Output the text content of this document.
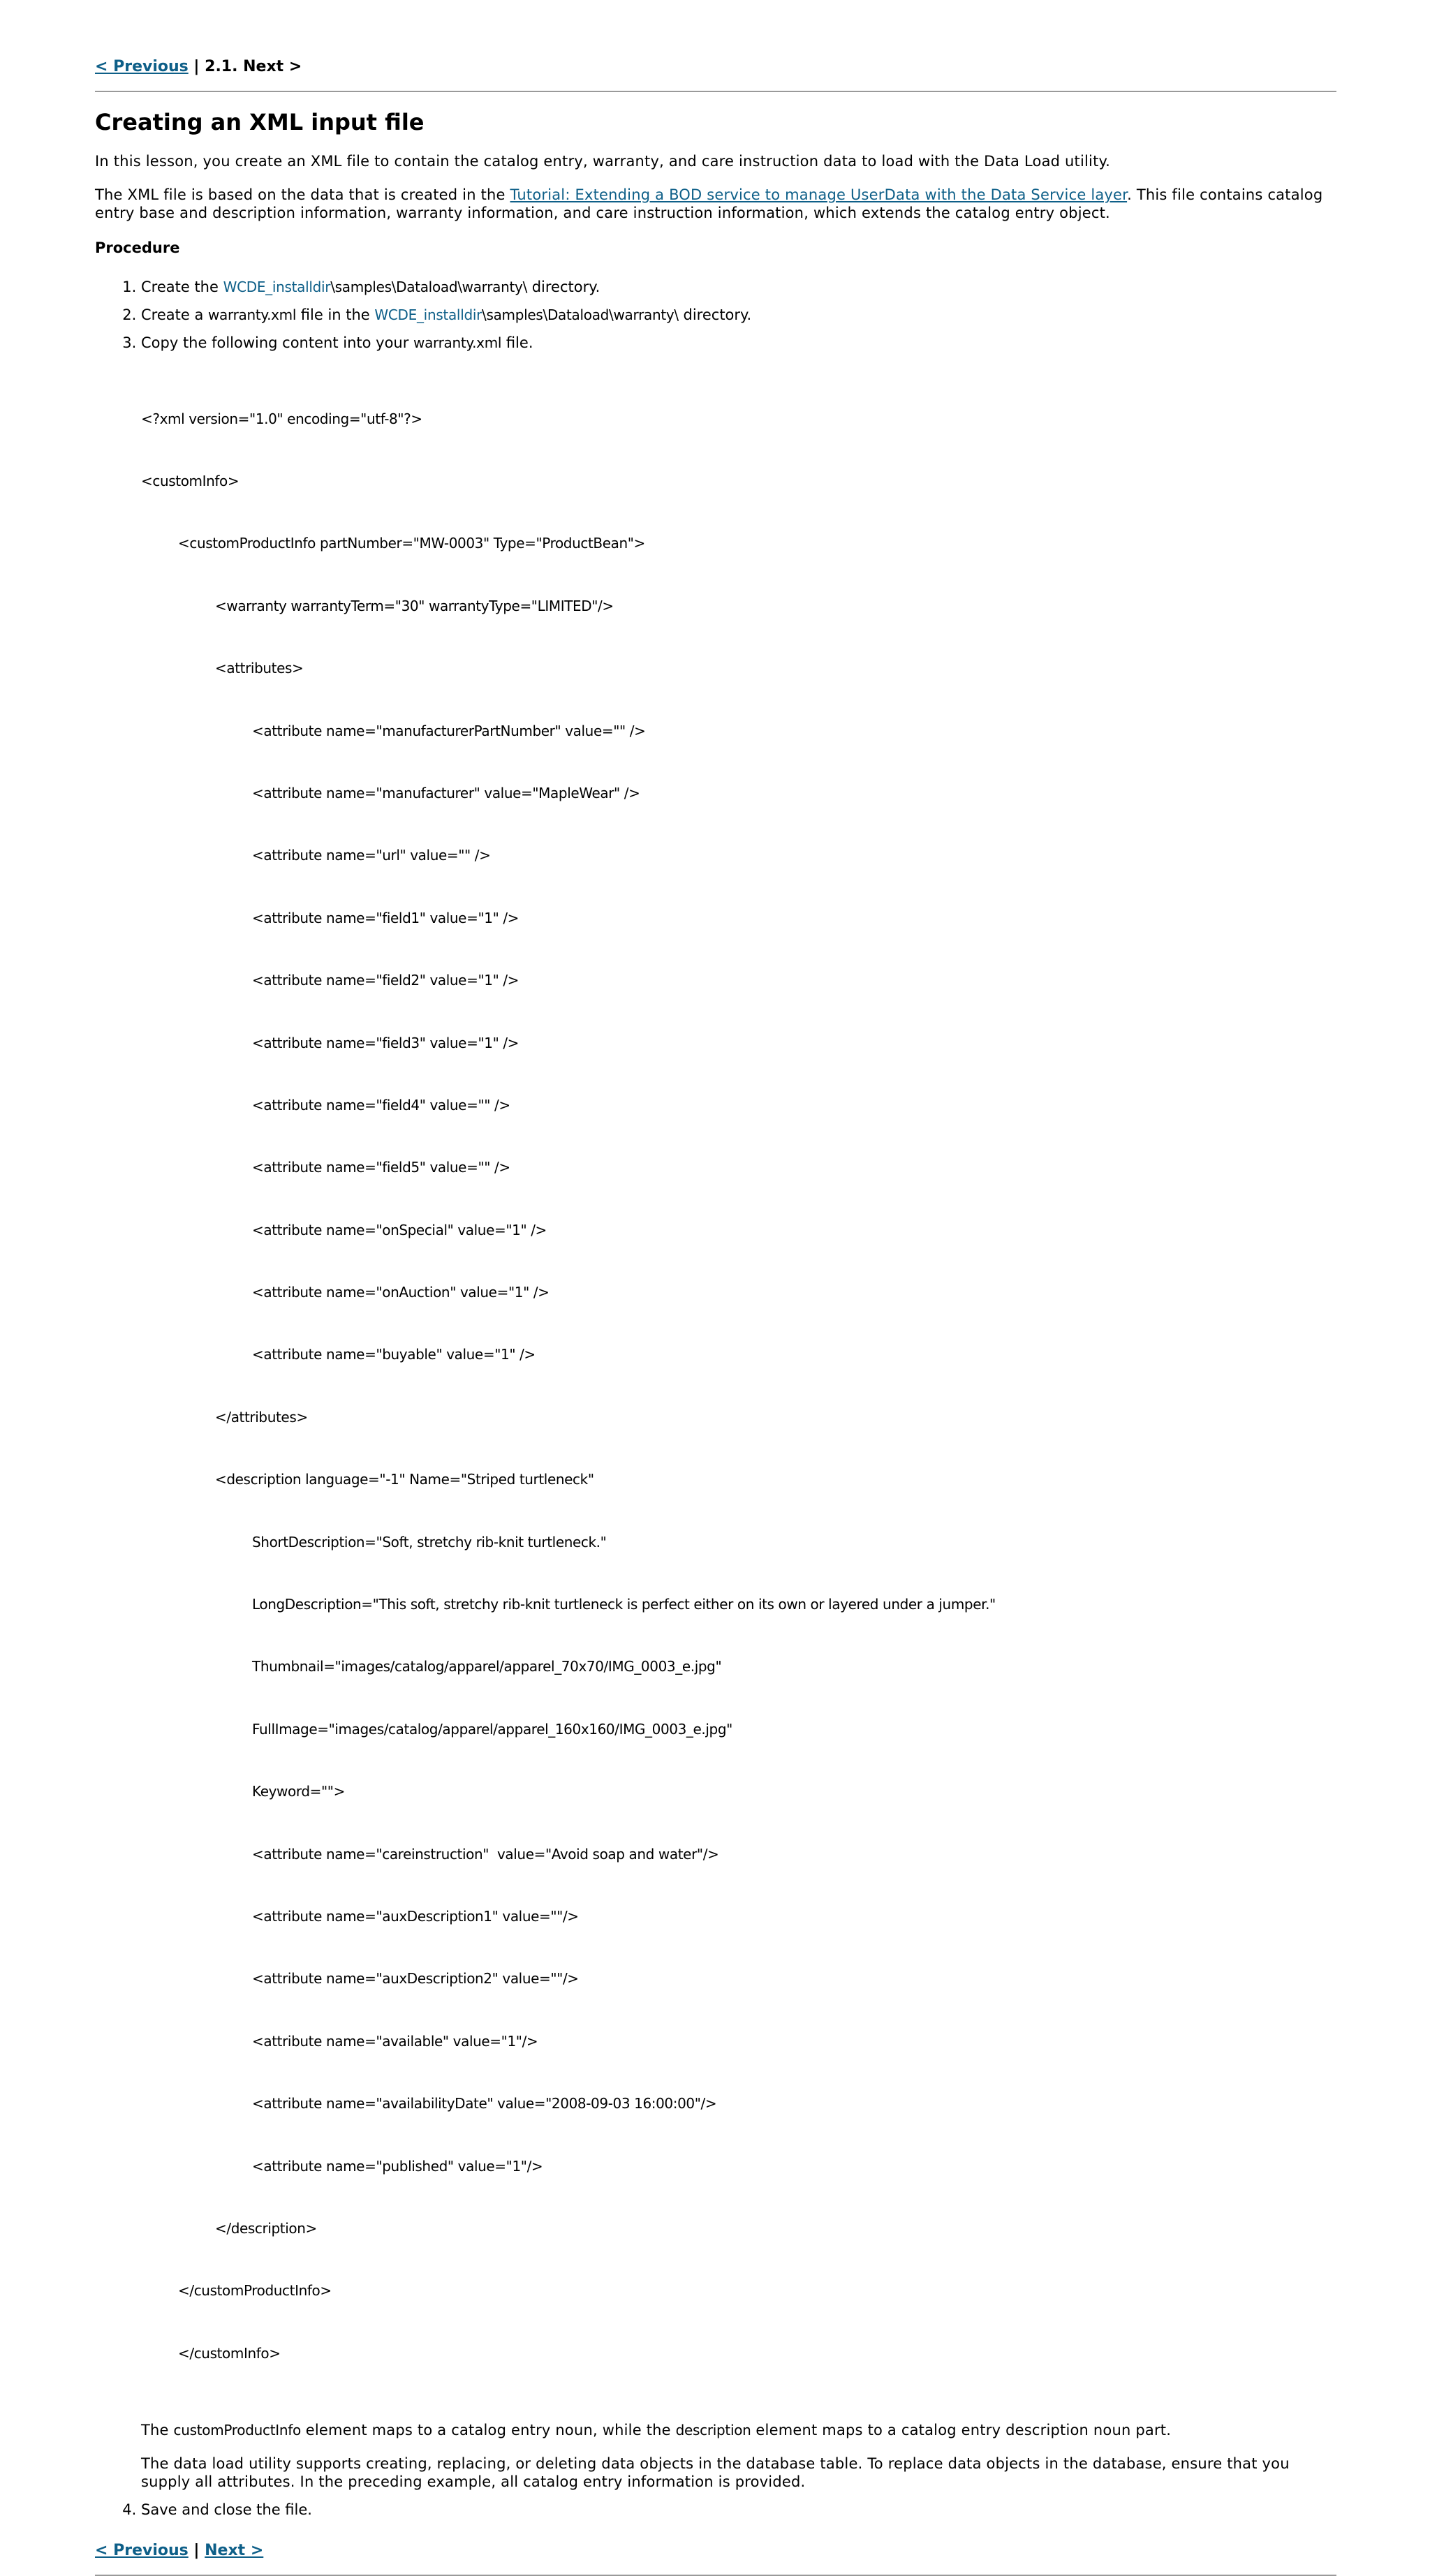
< Previous | 2.1. Next >
Creating an XML input file

In this lesson, you create an XML file to contain the catalog entry, warranty, and care instruction data to load with the Data Load utility.

The XML file is based on the data that is created in the Tutorial: Extending a BOD service to manage UserData with the Data Service layer. This file contains catalog entry base and description information, warranty information, and care instruction information, which extends the catalog entry object.

Procedure
1. Create the WCDE_installdir\samples\Dataload\warranty\ directory.
2. Create a warranty.xml file in the WCDE_installdir\samples\Dataload\warranty\ directory.
3. Copy the following content into your warranty.xml file.

<?xml version="1.0" encoding="utf-8"?>

<customInfo>

<customProductInfo partNumber="MW-0003" Type="ProductBean">

<warranty warrantyTerm="30" warrantyType="LIMITED"/>

<attributes>

<attribute name="manufacturerPartNumber" value="" />

<attribute name="manufacturer" value="MapleWear" />

<attribute name="url" value="" />

<attribute name="field1" value="1" />

<attribute name="field2" value="1" />

<attribute name="field3" value="1" />

<attribute name="field4" value="" />

<attribute name="field5" value="" />

<attribute name="onSpecial" value="1" />

<attribute name="onAuction" value="1" />

<attribute name="buyable" value="1" />

</attributes>

<description language="-1" Name="Striped turtleneck"

ShortDescription="Soft, stretchy rib-knit turtleneck."

LongDescription="This soft, stretchy rib-knit turtleneck is perfect either on its own or layered under a jumper."

Thumbnail="images/catalog/apparel/apparel_70x70/IMG_0003_e.jpg"

FullImage="images/catalog/apparel/apparel_160x160/IMG_0003_e.jpg"

Keyword="">

<attribute name="careinstruction"  value="Avoid soap and water"/>

<attribute name="auxDescription1" value=""/>

<attribute name="auxDescription2" value=""/>

<attribute name="available" value="1"/>

<attribute name="availabilityDate" value="2008-09-03 16:00:00"/>

<attribute name="published" value="1"/>

</description>

</customProductInfo>

</customInfo>

The customProductInfo element maps to a catalog entry noun, while the description element maps to a catalog entry description noun part.

The data load utility supports creating, replacing, or deleting data objects in the database table. To replace data objects in the database, ensure that you supply all attributes. In the preceding example, all catalog entry information is provided.

4. Save and close the file.
< Previous | Next >
